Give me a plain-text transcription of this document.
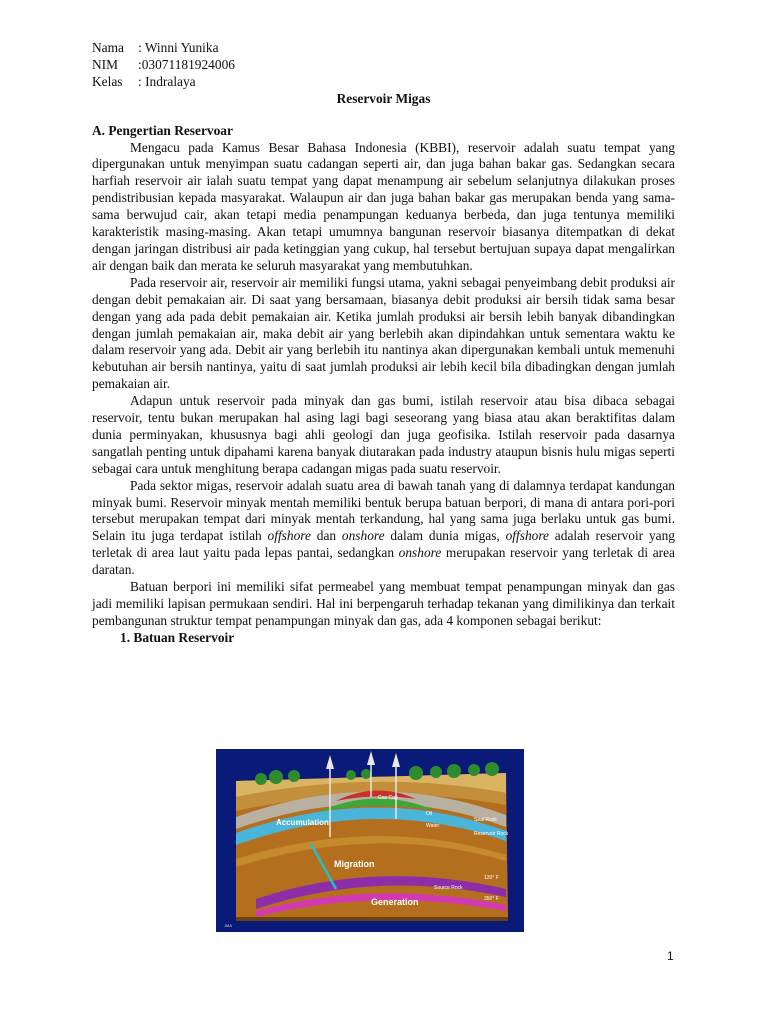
Nama	: Winni Yunika
NIM	:03071181924006
Kelas	: Indralaya
Reservoir Migas
A. Pengertian Reservoar

Mengacu pada Kamus Besar Bahasa Indonesia (KBBI), reservoir adalah suatu tempat yang dipergunakan untuk menyimpan suatu cadangan seperti air, dan juga bahan bakar gas. Sedangkan secara harfiah reservoir air ialah suatu tempat yang dapat menampung air sebelum selanjutnya dilakukan proses pendistribusian kepada masyarakat. Walaupun air dan juga bahan bakar gas merupakan benda yang sama-sama berwujud cair, akan tetapi media penampungan keduanya berbeda, dan juga tentunya memiliki karakteristik masing-masing. Akan tetapi umumnya bangunan reservoir biasanya ditempatkan di dekat dengan jaringan distribusi air pada ketinggian yang cukup, hal tersebut bertujuan supaya dapat mengalirkan air dengan baik dan merata ke seluruh masyarakat yang membutuhkan.

Pada reservoir air, reservoir air memiliki fungsi utama, yakni sebagai penyeimbang debit produksi air dengan debit pemakaian air. Di saat yang bersamaan, biasanya debit produksi air bersih tidak sama besar dengan yang ada pada debit pemakaian air. Ketika jumlah produksi air bersih lebih banyak dibandingkan dengan jumlah pemakaian air, maka debit air yang berlebih akan dipindahkan untuk sementara waktu ke dalam reservoir yang ada. Debit air yang berlebih itu nantinya akan dipergunakan kembali untuk memenuhi kebutuhan air bersih nantinya, yaitu di saat jumlah produksi air lebih kecil bila dibadingkan dengan jumlah pemakaian air.

Adapun untuk reservoir pada minyak dan gas bumi, istilah reservoir atau bisa dibaca sebagai reservoir, tentu bukan merupakan hal asing lagi bagi seseorang yang biasa atau akan beraktifitas dalam dunia perminyakan, khususnya bagi ahli geologi dan juga geofisika. Istilah reservoir pada dasarnya sangatlah penting untuk dipahami karena banyak diutarakan pada industry ataupun bisnis hulu migas seperti sebagai cara untuk menghitung berapa cadangan migas pada suatu reservoir.

Pada sektor migas, reservoir adalah suatu area di bawah tanah yang di dalamnya terdapat kandungan minyak bumi. Reservoir minyak mentah memiliki bentuk berupa batuan berpori, di mana di antara pori-pori tersebut merupakan tempat dari minyak mentah terkandung, hal yang sama juga berlaku untuk gas bumi. Selain itu juga terdapat istilah offshore dan onshore dalam dunia migas, offshore adalah reservoir yang terletak di area laut yaitu pada lepas pantai, sedangkan onshore merupakan reservoir yang terletak di area daratan.

Batuan berpori ini memiliki sifat permeabel yang membuat tempat penampungan minyak dan gas jadi memiliki lapisan permukaan sendiri. Hal ini berpengaruh terhadap tekanan yang dimilikinya dan terkait pembangunan struktur tempat penampungan minyak dan gas, ada 4 komponen sebagai berikut:

1. Batuan Reservoir
Accumulation
Migration
Generation
Gas Cap
Oil
Water
Seal Rock
Reservoir Rock
Source Rock
120° F
350° F
JMA
1
